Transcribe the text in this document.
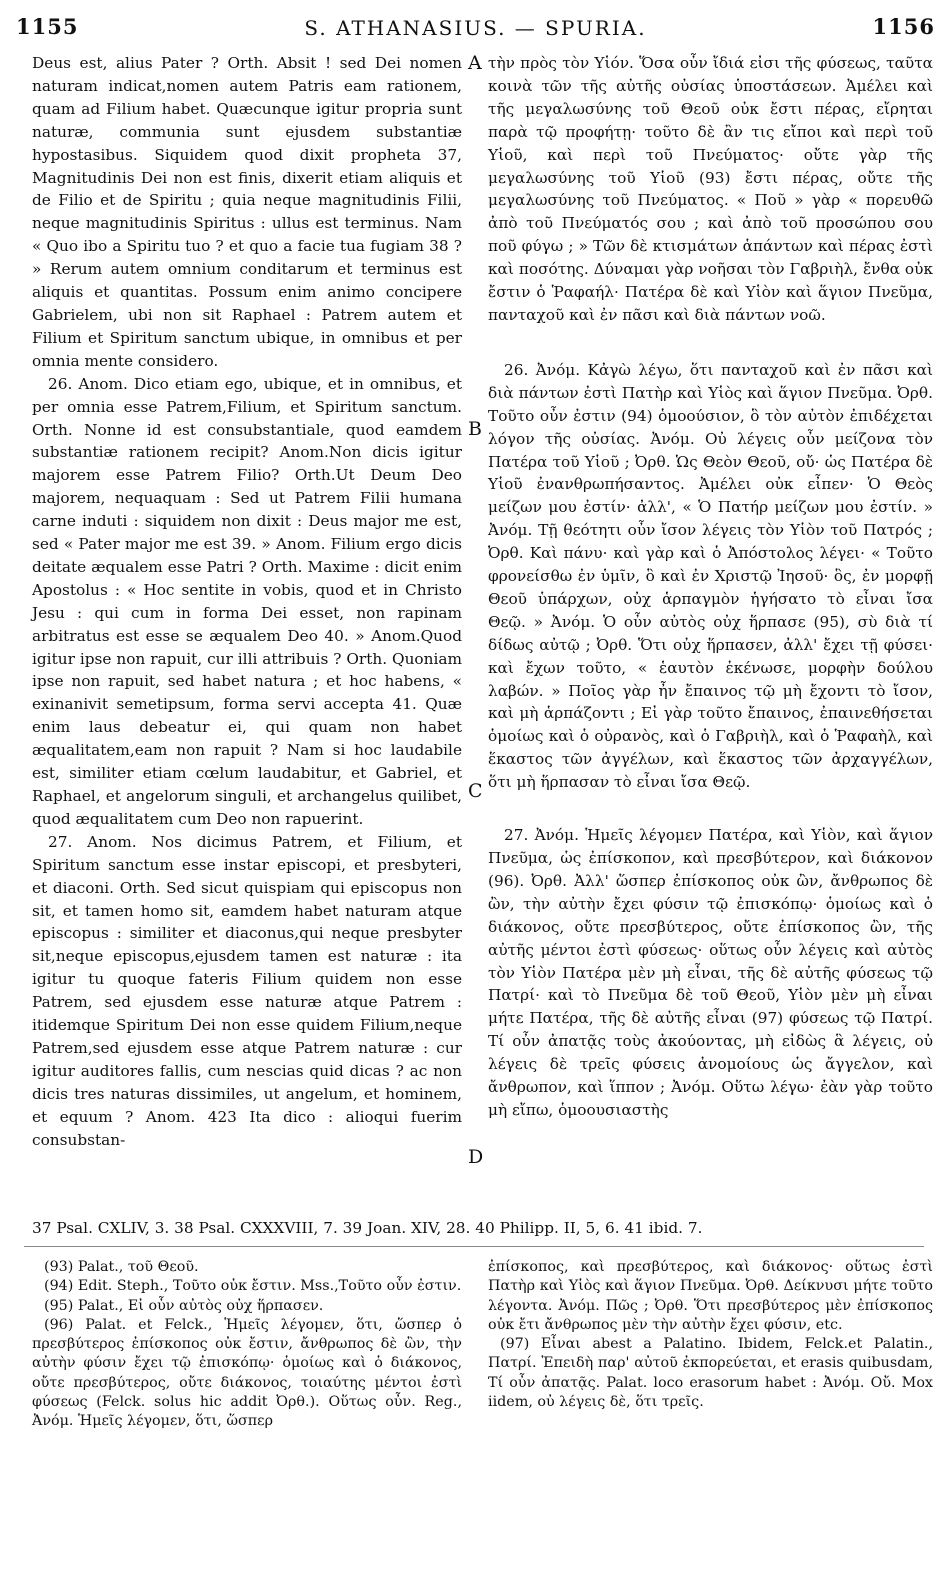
1155	S. ATHANASIUS. — SPURIA.	1156

Deus est, alius Pater ? Orth. Absit ! sed Dei nomen naturam indicat,nomen autem Patris eam rationem, quam ad Filium habet. Quæcunque igitur propria sunt naturæ, communia sunt ejusdem substantiæ hypostasibus. Siquidem quod dixit propheta 37, Magnitudinis Dei non est finis, dixerit etiam aliquis et de Filio et de Spiritu ; quia neque magnitudinis Filii, neque magnitudinis Spiritus : ullus est terminus. Nam « Quo ibo a Spiritu tuo ? et quo a facie tua fugiam 38 ? » Rerum autem omnium conditarum et terminus est aliquis et quantitas. Possum enim animo concipere Gabrielem, ubi non sit Raphael : Patrem autem et Filium et Spiritum sanctum ubique, in omnibus et per omnia mente considero.

26. Anom. Dico etiam ego, ubique, et in omnibus, et per omnia esse Patrem,Filium, et Spiritum sanctum. Orth. Nonne id est consubstantiale, quod eamdem substantiæ rationem recipit? Anom.Non dicis igitur majorem esse Patrem Filio? Orth.Ut Deum Deo majorem, nequaquam : Sed ut Patrem Filii humana carne induti : siquidem non dixit : Deus major me est, sed « Pater major me est 39. » Anom. Filium ergo dicis deitate æqualem esse Patri ? Orth. Maxime : dicit enim Apostolus : « Hoc sentite in vobis, quod et in Christo Jesu : qui cum in forma Dei esset, non rapinam arbitratus est esse se æqualem Deo 40. » Anom.Quod igitur ipse non rapuit, cur illi attribuis ? Orth. Quoniam ipse non rapuit, sed habet natura ; et hoc habens, « exinanivit semetipsum, forma servi accepta 41. Quæ enim laus debeatur ei, qui quam non habet æqualitatem,eam non rapuit ? Nam si hoc laudabile est, similiter etiam cœlum laudabitur, et Gabriel, et Raphael, et angelorum singuli, et archangelus quilibet, quod æqualitatem cum Deo non rapuerint.

27. Anom. Nos dicimus Patrem, et Filium, et Spiritum sanctum esse instar episcopi, et presbyteri, et diaconi. Orth. Sed sicut quispiam qui episcopus non sit, et tamen homo sit, eamdem habet naturam atque episcopus : similiter et diaconus,qui neque presbyter sit,neque episcopus,ejusdem tamen est naturæ : ita igitur tu quoque fateris Filium quidem non esse Patrem, sed ejusdem esse naturæ atque Patrem : itidemque Spiritum Dei non esse quidem Filium,neque Patrem,sed ejusdem esse atque Patrem naturæ : cur igitur auditores fallis, cum nescias quid dicas ? ac non dicis tres naturas dissimiles, ut angelum, et hominem, et equum ? Anom. 423 Ita dico : alioqui fuerim consubstan-

A
B
C
D

τὴν πρὸς τὸν Υἱόν. Ὅσα οὖν ἴδιά εἰσι τῆς φύσεως, ταῦτα κοινὰ τῶν τῆς αὐτῆς οὐσίας ὑποστάσεων. Ἀμέλει καὶ τῆς μεγαλωσύνης τοῦ Θεοῦ οὐκ ἔστι πέρας, εἴρηται παρὰ τῷ προφήτῃ· τοῦτο δὲ ἂν τις εἴποι καὶ περὶ τοῦ Υἱοῦ, καὶ περὶ τοῦ Πνεύματος· οὔτε γὰρ τῆς μεγαλωσύνης τοῦ Υἱοῦ (93) ἔστι πέρας, οὔτε τῆς μεγαλωσύνης τοῦ Πνεύματος. « Ποῦ » γὰρ « πορευθῶ ἀπὸ τοῦ Πνεύματός σου ; καὶ ἀπὸ τοῦ προσώπου σου ποῦ φύγω ; » Τῶν δὲ κτισμάτων ἁπάντων καὶ πέρας ἐστὶ καὶ ποσότης. Δύναμαι γὰρ νοῆσαι τὸν Γαβριὴλ, ἔνθα οὐκ ἔστιν ὁ Ῥαφαήλ· Πατέρα δὲ καὶ Υἱὸν καὶ ἅγιον Πνεῦμα, πανταχοῦ καὶ ἐν πᾶσι καὶ διὰ πάντων νοῶ.

26. Ἀνόμ. Κἀγὼ λέγω, ὅτι πανταχοῦ καὶ ἐν πᾶσι καὶ διὰ πάντων ἐστὶ Πατὴρ καὶ Υἱὸς καὶ ἅγιον Πνεῦμα. Ὀρθ. Τοῦτο οὖν ἐστιν (94) ὁμοούσιον, ὃ τὸν αὐτὸν ἐπιδέχεται λόγον τῆς οὐσίας. Ἀνόμ. Οὐ λέγεις οὖν μείζονα τὸν Πατέρα τοῦ Υἱοῦ ; Ὀρθ. Ὡς Θεὸν Θεοῦ, οὔ· ὡς Πατέρα δὲ Υἱοῦ ἐνανθρωπήσαντος. Ἀμέλει οὐκ εἶπεν· Ὁ Θεὸς μείζων μου ἐστίν· ἀλλ', « Ὁ Πατήρ μείζων μου ἐστίν. » Ἀνόμ. Τῇ θεότητι οὖν ἴσον λέγεις τὸν Υἱὸν τοῦ Πατρός ; Ὀρθ. Καὶ πάνυ· καὶ γὰρ καὶ ὁ Ἀπόστολος λέγει· « Τοῦτο φρονείσθω ἐν ὑμῖν, ὃ καὶ ἐν Χριστῷ Ἰησοῦ· ὃς, ἐν μορφῇ Θεοῦ ὑπάρχων, οὐχ ἁρπαγμὸν ἡγήσατο τὸ εἶναι ἴσα Θεῷ. » Ἀνόμ. Ὁ οὖν αὐτὸς οὐχ ἥρπασε (95), σὺ διὰ τί δίδως αὐτῷ ; Ὀρθ. Ὅτι οὐχ ἥρπασεν, ἀλλ' ἔχει τῇ φύσει· καὶ ἔχων τοῦτο, « ἑαυτὸν ἐκένωσε, μορφὴν δούλου λαβών. » Ποῖος γὰρ ἦν ἔπαινος τῷ μὴ ἔχοντι τὸ ἴσον, καὶ μὴ ἁρπάζοντι ; Εἰ γὰρ τοῦτο ἔπαινος, ἐπαινεθήσεται ὁμοίως καὶ ὁ οὐρανὸς, καὶ ὁ Γαβριὴλ, καὶ ὁ Ῥαφαὴλ, καὶ ἕκαστος τῶν ἀγγέλων, καὶ ἕκαστος τῶν ἀρχαγγέλων, ὅτι μὴ ἥρπασαν τὸ εἶναι ἴσα Θεῷ.

27. Ἀνόμ. Ἡμεῖς λέγομεν Πατέρα, καὶ Υἱὸν, καὶ ἅγιον Πνεῦμα, ὡς ἐπίσκοπον, καὶ πρεσβύτερον, καὶ διάκονον (96). Ὀρθ. Ἀλλ' ὥσπερ ἐπίσκοπος οὐκ ὢν, ἄνθρωπος δὲ ὢν, τὴν αὐτὴν ἔχει φύσιν τῷ ἐπισκόπῳ· ὁμοίως καὶ ὁ διάκονος, οὔτε πρεσβύτερος, οὔτε ἐπίσκοπος ὢν, τῆς αὐτῆς μέντοι ἐστὶ φύσεως· οὕτως οὖν λέγεις καὶ αὐτὸς τὸν Υἱὸν Πατέρα μὲν μὴ εἶναι, τῆς δὲ αὐτῆς φύσεως τῷ Πατρί· καὶ τὸ Πνεῦμα δὲ τοῦ Θεοῦ, Υἱὸν μὲν μὴ εἶναι μήτε Πατέρα, τῆς δὲ αὐτῆς εἶναι (97) φύσεως τῷ Πατρί. Τί οὖν ἀπατᾷς τοὺς ἀκούοντας, μὴ εἰδὼς ἃ λέγεις, οὐ λέγεις δὲ τρεῖς φύσεις ἀνομοίους ὡς ἄγγελον, καὶ ἄνθρωπον, καὶ ἵππον ; Ἀνόμ. Οὕτω λέγω· ἐὰν γὰρ τοῦτο μὴ εἴπω, ὁμοουσιαστὴς

37 Psal. CXLIV, 3. 38 Psal. CXXXVIII, 7. 39 Joan. XIV, 28. 40 Philipp. II, 5, 6. 41 ibid. 7.

(93) Palat., τοῦ Θεοῦ.

(94) Edit. Steph., Τοῦτο οὐκ ἔστιν. Mss.,Τοῦτο οὖν ἐστιν.

(95) Palat., Εἰ οὖν αὐτὸς οὐχ ἥρπασεν.

(96) Palat. et Felck., Ἡμεῖς λέγομεν, ὅτι, ὥσπερ ὁ πρεσβύτερος ἐπίσκοπος οὐκ ἔστιν, ἄνθρωπος δὲ ὢν, τὴν αὐτὴν φύσιν ἔχει τῷ ἐπισκόπῳ· ὁμοίως καὶ ὁ διάκονος, οὔτε πρεσβύτερος, οὔτε διάκονος, τοιαύτης μέντοι ἐστὶ φύσεως (Felck. solus hic addit Ὀρθ.). Οὕτως οὖν. Reg., Ἀνόμ. Ἡμεῖς λέγομεν, ὅτι, ὥσπερ

ἐπίσκοπος, καὶ πρεσβύτερος, καὶ διάκονος· οὕτως ἐστὶ Πατὴρ καὶ Υἱὸς καὶ ἅγιον Πνεῦμα. Ὀρθ. Δείκνυσι μήτε τοῦτο λέγοντα. Ἀνόμ. Πῶς ; Ὀρθ. Ὅτι πρεσβύτερος μὲν ἐπίσκοπος οὐκ ἔτι ἄνθρωπος μὲν τὴν αὐτὴν ἔχει φύσιν, etc.

(97) Εἶναι abest a Palatino. Ibidem, Felck.et Palatin., Πατρί. Ἐπειδὴ παρ' αὐτοῦ ἐκπορεύεται, et erasis quibusdam, Τί οὖν ἀπατᾷς. Palat. loco erasorum habet : Ἀνόμ. Οὔ. Mox iidem, οὐ λέγεις δὲ, ὅτι τρεῖς.
